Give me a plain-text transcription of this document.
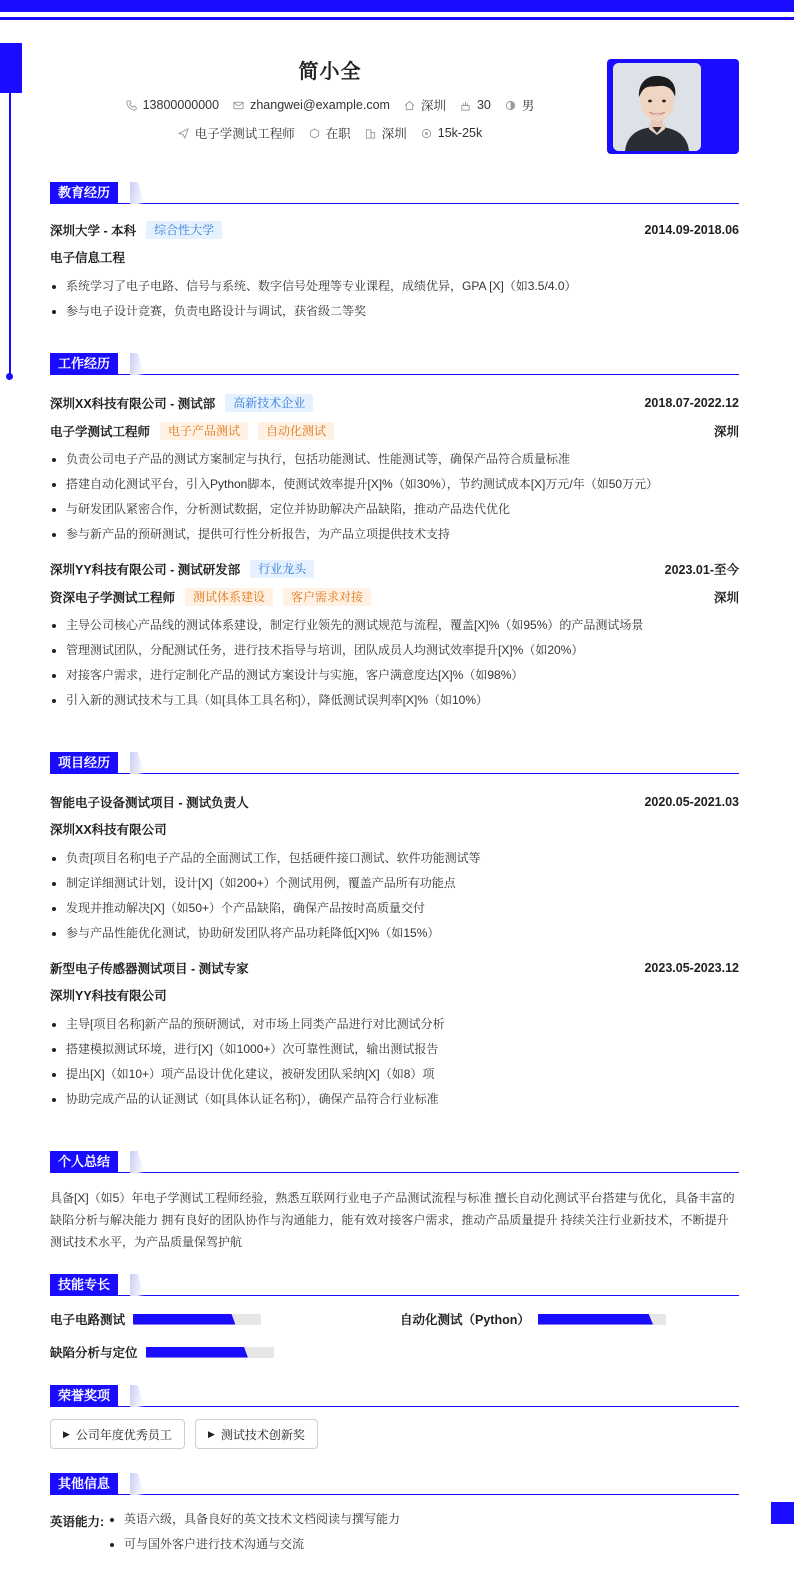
简小全
13800000000 zhangwei@example.com 深圳 30 男
电子学测试工程师 在职 深圳 15k-25k
教育经历
深圳大学 - 本科	综合性大学	2014.09-2018.06
电子信息工程
系统学习了电子电路、信号与系统、数字信号处理等专业课程，成绩优异，GPA [X]（如3.5/4.0）
参与电子设计竞赛，负责电路设计与调试，获省级二等奖
工作经历
深圳XX科技有限公司 - 测试部	高新技术企业	2018.07-2022.12
电子学测试工程师	电子产品测试	自动化测试	深圳
负责公司电子产品的测试方案制定与执行，包括功能测试、性能测试等，确保产品符合质量标准
搭建自动化测试平台，引入Python脚本，使测试效率提升[X]%（如30%），节约测试成本[X]万元/年（如50万元）
与研发团队紧密合作，分析测试数据，定位并协助解决产品缺陷，推动产品迭代优化
参与新产品的预研测试，提供可行性分析报告，为产品立项提供技术支持
深圳YY科技有限公司 - 测试研发部	行业龙头	2023.01-至今
资深电子学测试工程师	测试体系建设	客户需求对接	深圳
主导公司核心产品线的测试体系建设，制定行业领先的测试规范与流程，覆盖[X]%（如95%）的产品测试场景
管理测试团队，分配测试任务，进行技术指导与培训，团队成员人均测试效率提升[X]%（如20%）
对接客户需求，进行定制化产品的测试方案设计与实施，客户满意度达[X]%（如98%）
引入新的测试技术与工具（如[具体工具名称]），降低测试误判率[X]%（如10%）
项目经历
智能电子设备测试项目 - 测试负责人	2020.05-2021.03
深圳XX科技有限公司
负责[项目名称]电子产品的全面测试工作，包括硬件接口测试、软件功能测试等
制定详细测试计划，设计[X]（如200+）个测试用例，覆盖产品所有功能点
发现并推动解决[X]（如50+）个产品缺陷，确保产品按时高质量交付
参与产品性能优化测试，协助研发团队将产品功耗降低[X]%（如15%）
新型电子传感器测试项目 - 测试专家	2023.05-2023.12
深圳YY科技有限公司
主导[项目名称]新产品的预研测试，对市场上同类产品进行对比测试分析
搭建模拟测试环境，进行[X]（如1000+）次可靠性测试，输出测试报告
提出[X]（如10+）项产品设计优化建议，被研发团队采纳[X]（如8）项
协助完成产品的认证测试（如[具体认证名称]），确保产品符合行业标准
个人总结
具备[X]（如5）年电子学测试工程师经验，熟悉互联网行业电子产品测试流程与标准 擅长自动化测试平台搭建与优化，具备丰富的缺陷分析与解决能力 拥有良好的团队协作与沟通能力，能有效对接客户需求，推动产品质量提升 持续关注行业新技术，不断提升测试技术水平，为产品质量保驾护航
技能专长
电子电路测试	自动化测试（Python）
缺陷分析与定位
荣誉奖项
▶ 公司年度优秀员工	▶ 测试技术创新奖
其他信息
英语能力:	英语六级，具备良好的英文技术文档阅读与撰写能力
可与国外客户进行技术沟通与交流
